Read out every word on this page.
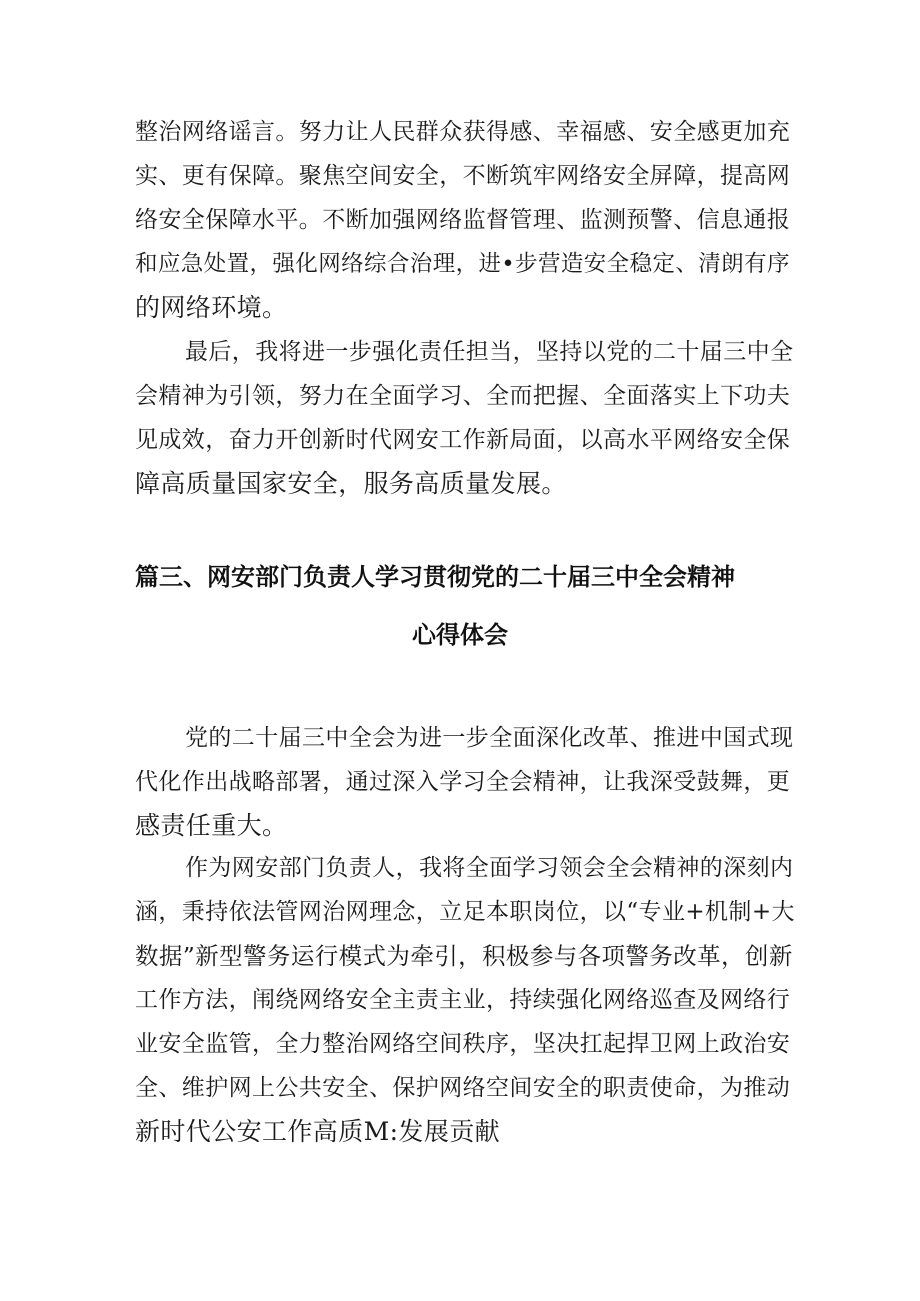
整治网络谣言。努力让人民群众获得感、幸福感、安全感更加充
实、更有保障。聚焦空间安全，不断筑牢网络安全屏障，提高网
络安全保障水平。不断加强网络监督管理、监测预警、信息通报
和应急处置，强化网络综合治理，进•步营造安全稳定、清朗有序
的网络环境。
最后，我将进一步强化责任担当，坚持以党的二十届三中全
会精神为引领，努力在全面学习、全而把握、全面落实上下功夫
见成效，奋力开创新时代网安工作新局面，以高水平网络安全保
障高质量国家安全，服务高质量发展。
篇三、网安部门负责人学习贯彻党的二十届三中全会精神
心得体会
党的二十届三中全会为进一步全面深化改革、推进中国式现
代化作出战略部署，通过深入学习全会精神，让我深受鼓舞，更
感责任重大。
作为网安部门负责人，我将全面学习领会全会精神的深刻内
涵，秉持依法管网治网理念，立足本职岗位，以“专业+机制+大
数据”新型警务运行模式为牵引，积极参与各项警务改革，创新
工作方法，闱绕网络安全主责主业，持续强化网络巡查及网络行
业安全监管，全力整治网络空间秩序，坚决扛起捍卫网上政治安
全、维护网上公共安全、保护网络空间安全的职责使命，为推动
新时代公安工作高质M:发展贡献
